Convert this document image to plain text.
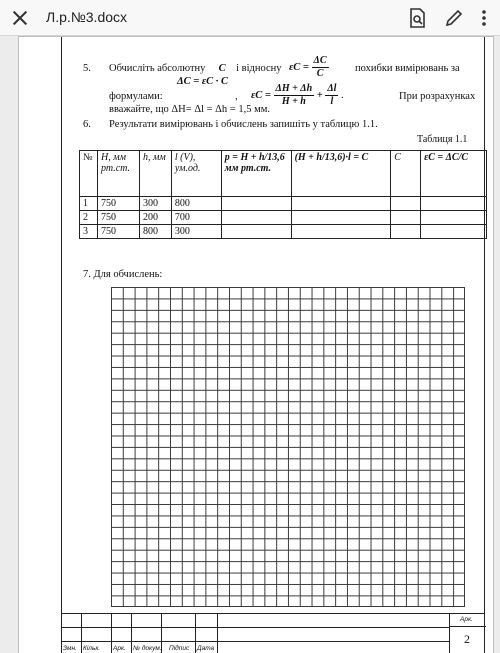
Л.р.№3.docx
5. Обчисліть абсолютну C і відносну $\varepsilon C = \frac{\Delta C}{C}$	похибки вимірювань за
ΔC = εC · C
формулами:	, $\varepsilon C = \frac{\Delta H + \Delta h}{H + h} + \frac{\Delta l}{l}$ .	При розрахунках
вважайте, що ΔH= Δl = Δh = 1,5 мм.
6. Результати вимірювань і обчислень запишіть у таблицю 1.1.
Таблиця 1.1
№	H, мм рт.ст.	h, мм	l (V), ум.од.	p = H + h/13,6 мм рт.ст.	(H + h/13,6)·l = C	C	εC = ΔC/C
1	750	300	800				
2	750	200	700				
3	750	800	300				
7. Для обчислень:
Змн. Кільк. Арк. № докум. Підпис Дата
Арк.
2
